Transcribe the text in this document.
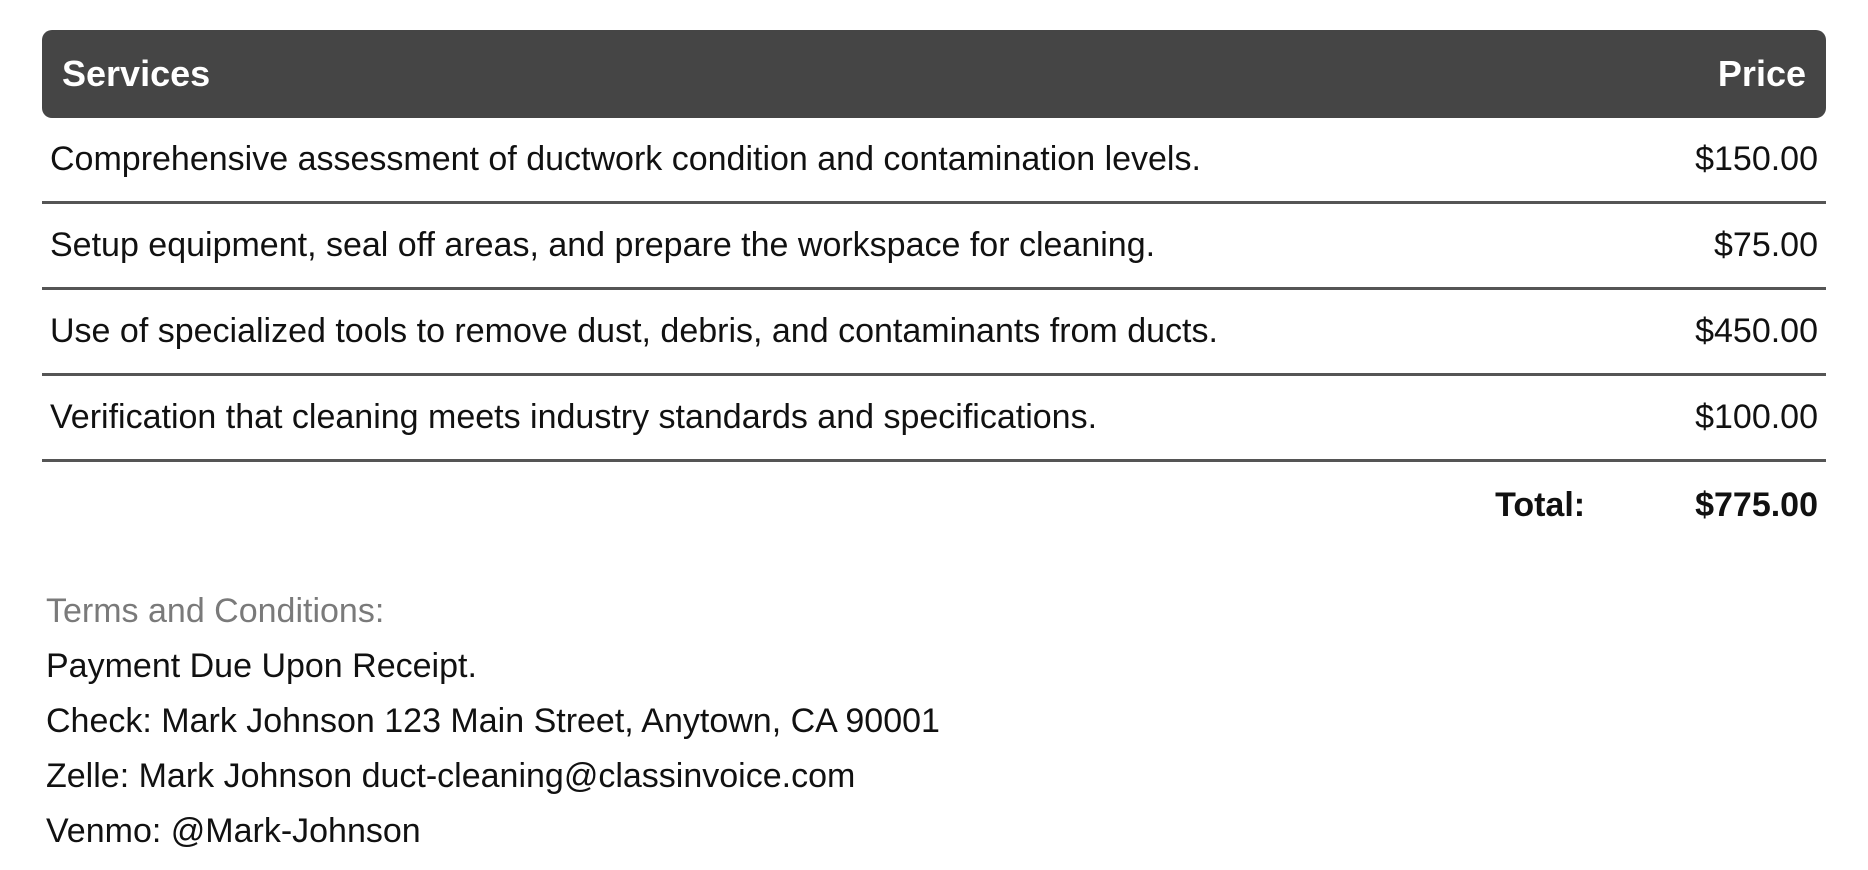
Services	Price
Comprehensive assessment of ductwork condition and contamination levels.	$150.00
Setup equipment, seal off areas, and prepare the workspace for cleaning.	$75.00
Use of specialized tools to remove dust, debris, and contaminants from ducts.	$450.00
Verification that cleaning meets industry standards and specifications.	$100.00
Total:	$775.00
Terms and Conditions:
Payment Due Upon Receipt.
Check: Mark Johnson 123 Main Street, Anytown, CA 90001
Zelle: Mark Johnson duct-cleaning@classinvoice.com
Venmo: @Mark-Johnson
